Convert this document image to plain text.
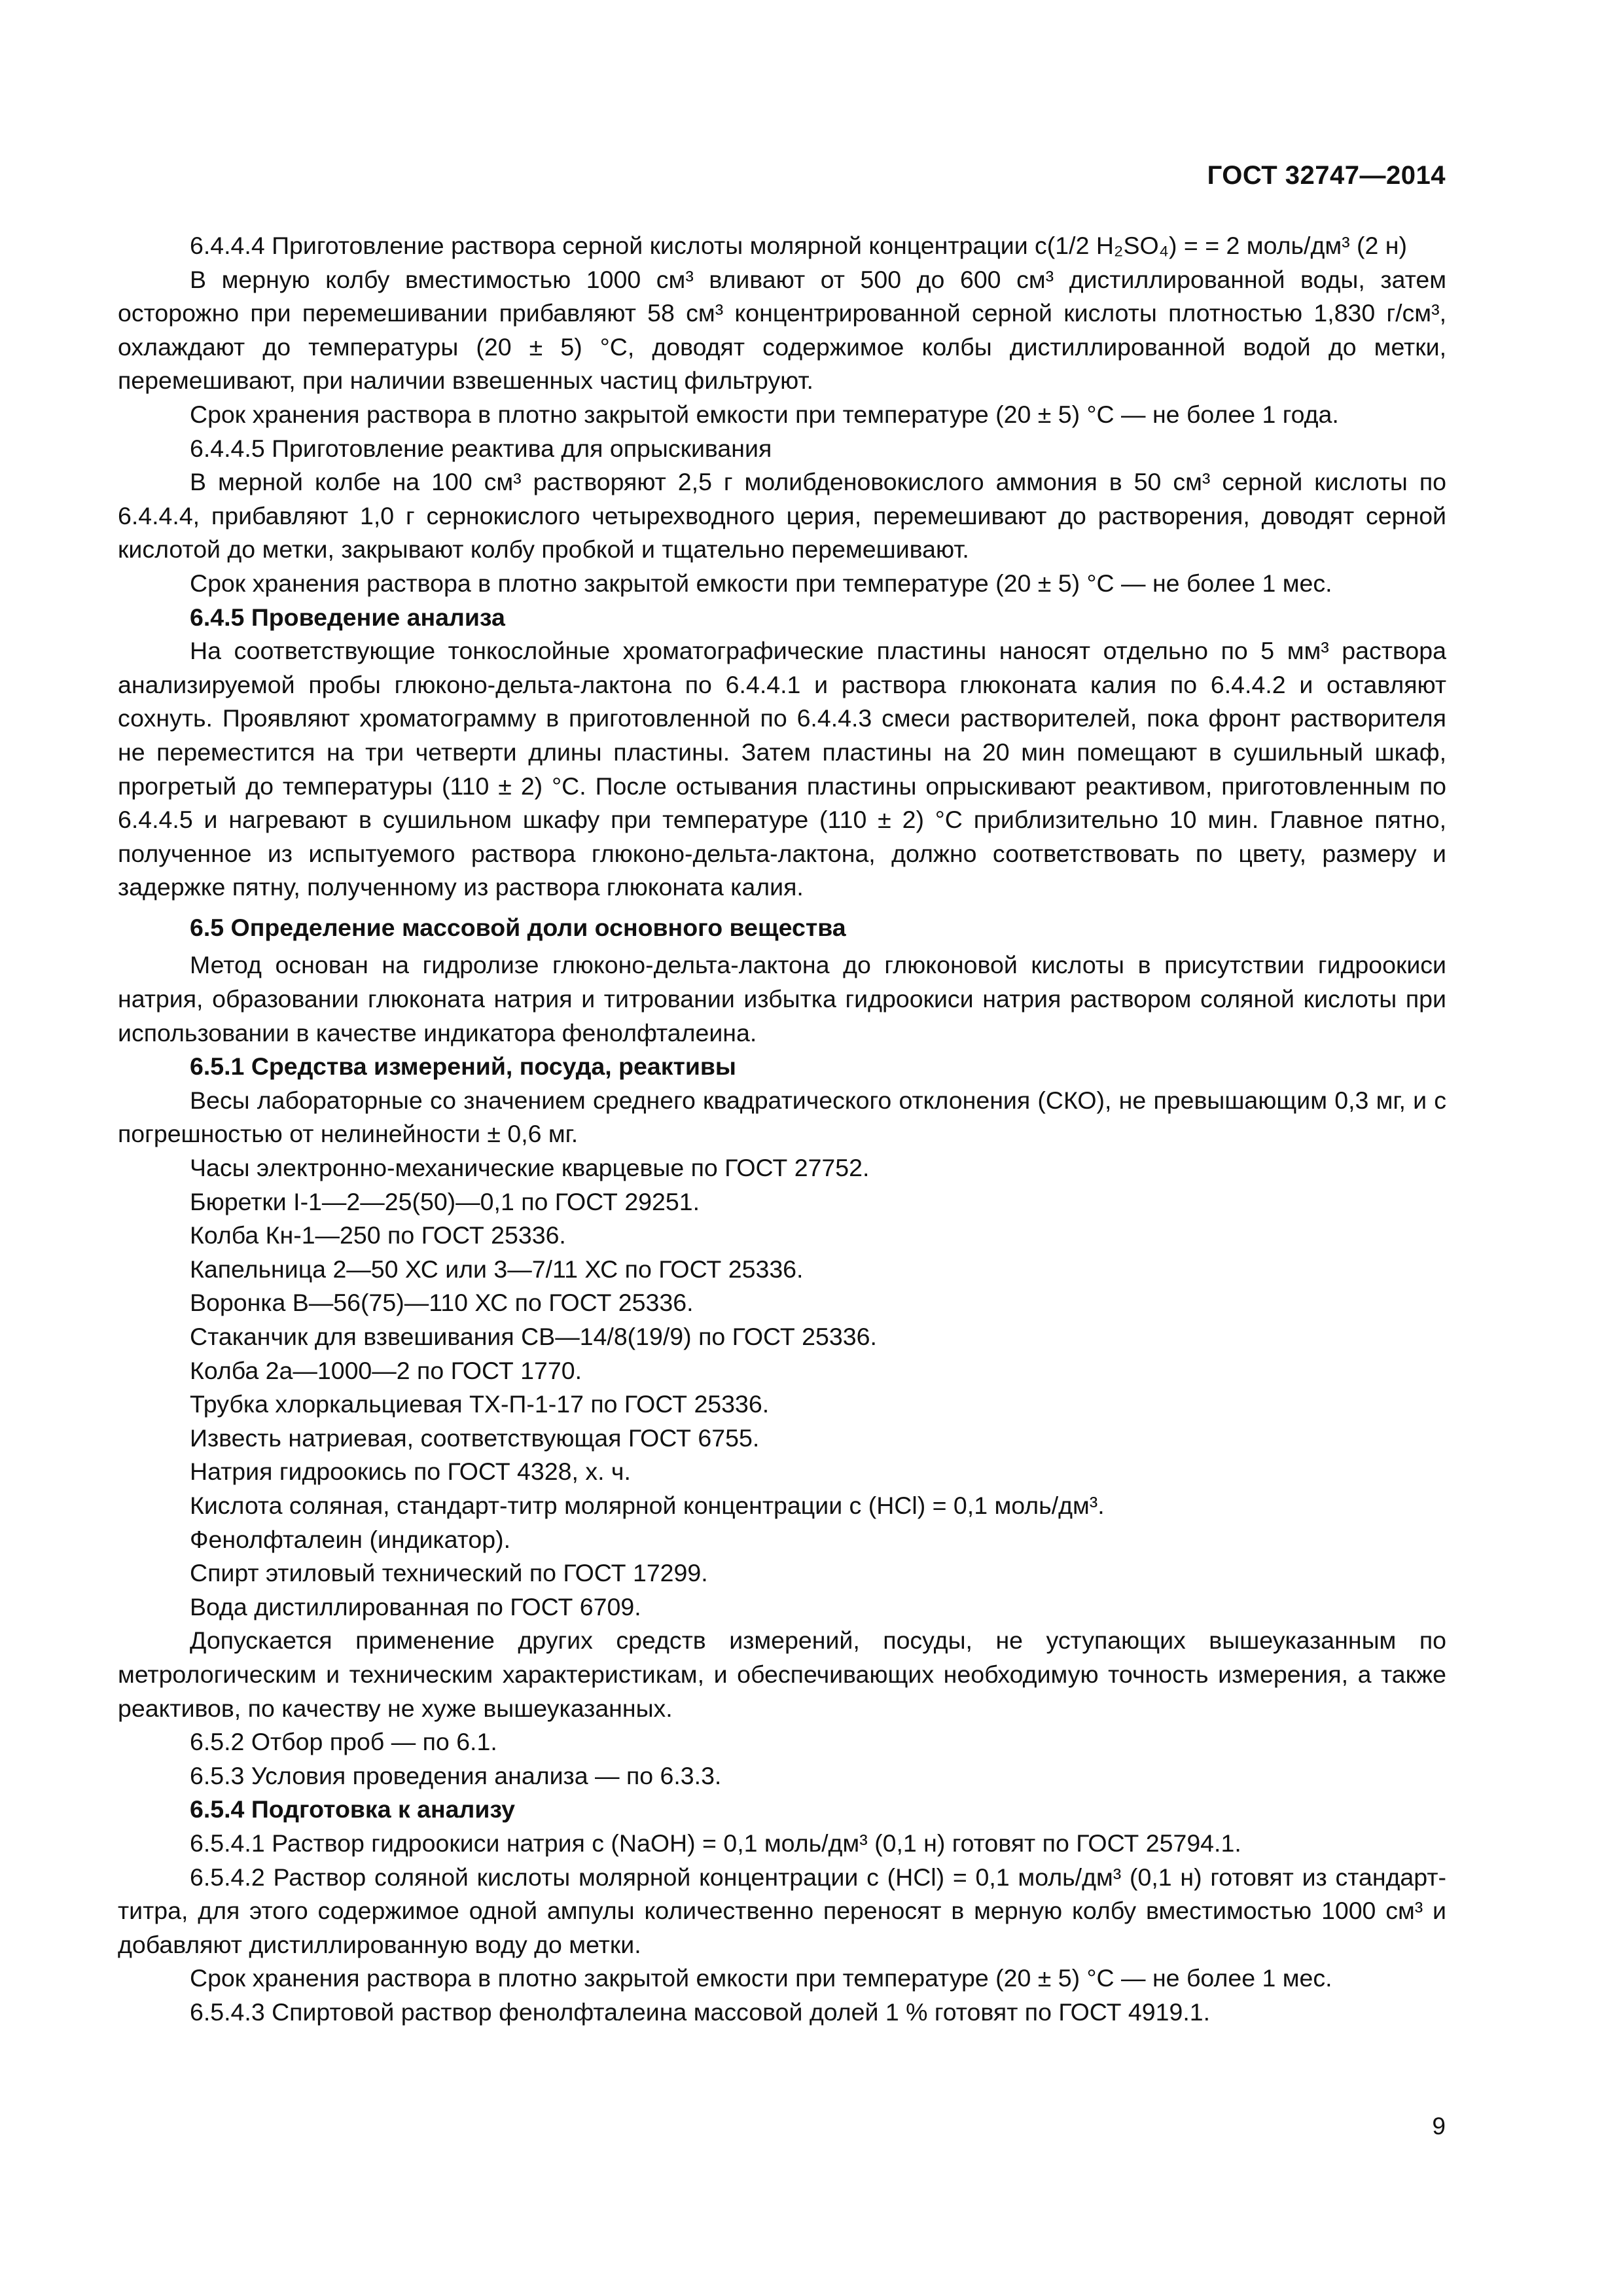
ГОСТ 32747—2014

6.4.4.4 Приготовление раствора серной кислоты молярной концентрации c(1/2 H₂SO₄) = = 2 моль/дм³ (2 н)

В мерную колбу вместимостью 1000 см³ вливают от 500 до 600 см³ дистиллированной воды, затем осторожно при перемешивании прибавляют 58 см³ концентрированной серной кислоты плотностью 1,830 г/см³, охлаждают до температуры (20 ± 5) °С, доводят содержимое колбы дистиллированной водой до метки, перемешивают, при наличии взвешенных частиц фильтруют.

Срок хранения раствора в плотно закрытой емкости при температуре (20 ± 5) °С — не более 1 года.

6.4.4.5 Приготовление реактива для опрыскивания

В мерной колбе на 100 см³ растворяют 2,5 г молибденовокислого аммония в 50 см³ серной кислоты по 6.4.4.4, прибавляют 1,0 г сернокислого четырехводного церия, перемешивают до растворения, доводят серной кислотой до метки, закрывают колбу пробкой и тщательно перемешивают.

Срок хранения раствора в плотно закрытой емкости при температуре (20 ± 5) °С — не более 1 мес.

6.4.5 Проведение анализа

На соответствующие тонкослойные хроматографические пластины наносят отдельно по 5 мм³ раствора анализируемой пробы глюконо-дельта-лактона по 6.4.4.1 и раствора глюконата калия по 6.4.4.2 и оставляют сохнуть. Проявляют хроматограмму в приготовленной по 6.4.4.3 смеси растворителей, пока фронт растворителя не переместится на три четверти длины пластины. Затем пластины на 20 мин помещают в сушильный шкаф, прогретый до температуры (110 ± 2) °С. После остывания пластины опрыскивают реактивом, приготовленным по 6.4.4.5 и нагревают в сушильном шкафу при температуре (110 ± 2) °С приблизительно 10 мин. Главное пятно, полученное из испытуемого раствора глюконо-дельта-лактона, должно соответствовать по цвету, размеру и задержке пятну, полученному из раствора глюконата калия.

6.5 Определение массовой доли основного вещества

Метод основан на гидролизе глюконо-дельта-лактона до глюконовой кислоты в присутствии гидроокиси натрия, образовании глюконата натрия и титровании избытка гидроокиси натрия раствором соляной кислоты при использовании в качестве индикатора фенолфталеина.

6.5.1 Средства измерений, посуда, реактивы

Весы лабораторные со значением среднего квадратического отклонения (СКО), не превышающим 0,3 мг, и с погрешностью от нелинейности ± 0,6 мг.

Часы электронно-механические кварцевые по ГОСТ 27752.

Бюретки I-1—2—25(50)—0,1 по ГОСТ 29251.

Колба Кн-1—250 по ГОСТ 25336.

Капельница 2—50 ХС или 3—7/11 ХС по ГОСТ 25336.

Воронка В—56(75)—110 ХС по ГОСТ 25336.

Стаканчик для взвешивания СВ—14/8(19/9) по ГОСТ 25336.

Колба 2а—1000—2 по ГОСТ 1770.

Трубка хлоркальциевая ТХ-П-1-17 по ГОСТ 25336.

Известь натриевая, соответствующая ГОСТ 6755.

Натрия гидроокись по ГОСТ 4328, х. ч.

Кислота соляная, стандарт-титр молярной концентрации c (HCl) = 0,1 моль/дм³.

Фенолфталеин (индикатор).

Спирт этиловый технический по ГОСТ 17299.

Вода дистиллированная по ГОСТ 6709.

Допускается применение других средств измерений, посуды, не уступающих вышеуказанным по метрологическим и техническим характеристикам, и обеспечивающих необходимую точность измерения, а также реактивов, по качеству не хуже вышеуказанных.

6.5.2 Отбор проб — по 6.1.

6.5.3 Условия проведения анализа — по 6.3.3.

6.5.4 Подготовка к анализу

6.5.4.1 Раствор гидроокиси натрия c (NaOH) = 0,1 моль/дм³ (0,1 н) готовят по ГОСТ 25794.1.

6.5.4.2 Раствор соляной кислоты молярной концентрации c (HCl) = 0,1 моль/дм³ (0,1 н) готовят из стандарт-титра, для этого содержимое одной ампулы количественно переносят в мерную колбу вместимостью 1000 см³ и добавляют дистиллированную воду до метки.

Срок хранения раствора в плотно закрытой емкости при температуре (20 ± 5) °С — не более 1 мес.

6.5.4.3 Спиртовой раствор фенолфталеина массовой долей 1 % готовят по ГОСТ 4919.1.

9
